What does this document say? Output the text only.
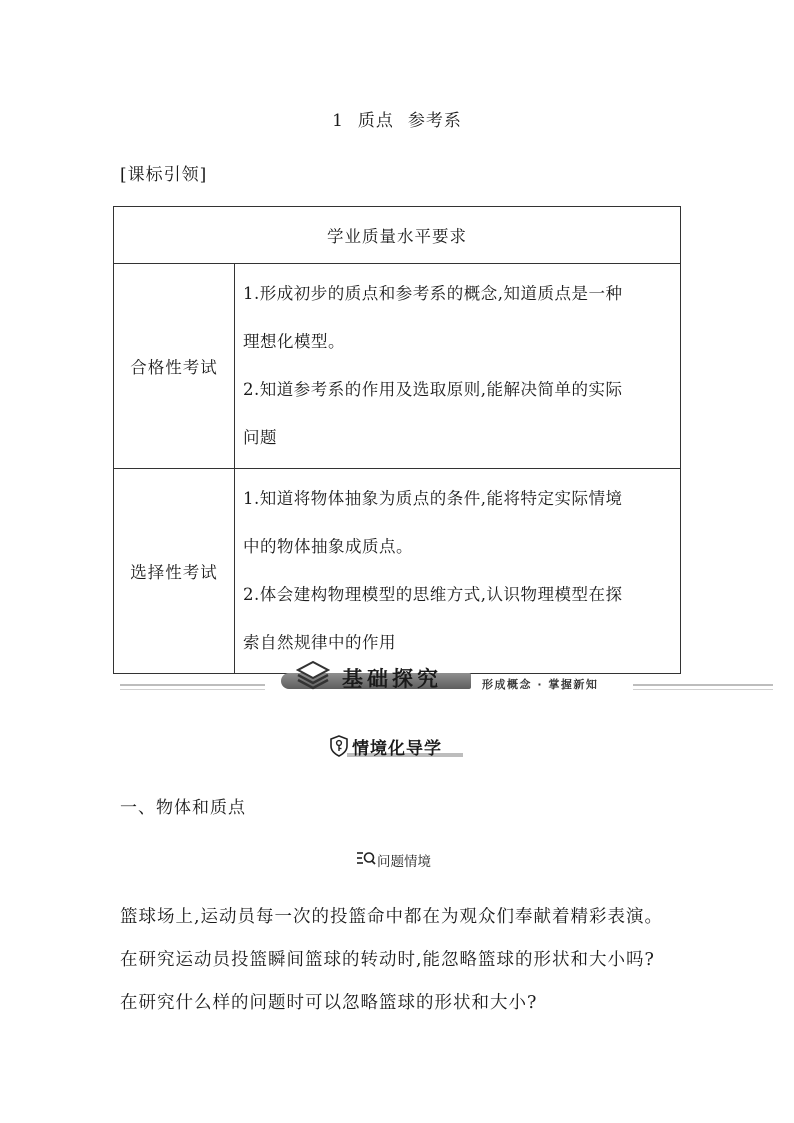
1 质点 参考系
[课标引领]
学业质量水平要求	
合格性考试	1.形成初步的质点和参考系的概念,知道质点是一种
理想化模型。
2.知道参考系的作用及选取原则,能解决简单的实际
问题

选择性考试	1.知道将物体抽象为质点的条件,能将特定实际情境
中的物体抽象成质点。
2.体会建构物理模型的思维方式,认识物理模型在探
索自然规律中的作用
基础探究	形成概念 · 掌握新知
情境化导学
一、物体和质点
问题情境
篮球场上,运动员每一次的投篮命中都在为观众们奉献着精彩表演。
在研究运动员投篮瞬间篮球的转动时,能忽略篮球的形状和大小吗?
在研究什么样的问题时可以忽略篮球的形状和大小?
